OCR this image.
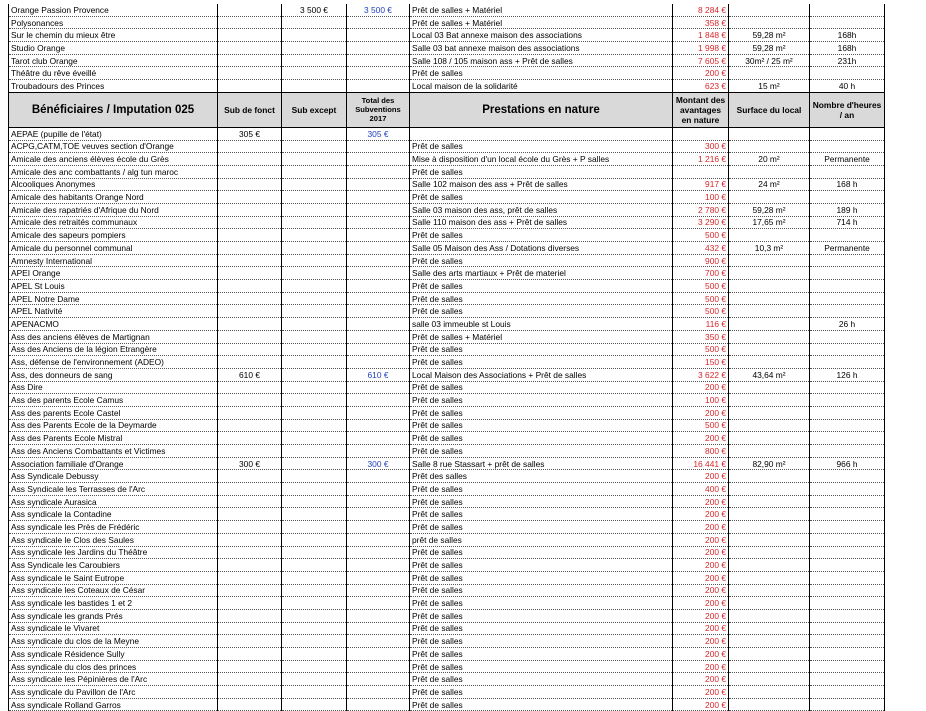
Orange Passion Provence		3 500 €	3 500 €	Prêt de salles + Matériel	8 284 €		
Polysonances				Prêt de salles + Matériel	358 €		
Sur le chemin du mieux être				Local 03 Bat annexe maison des associations	1 848 €	59,28 m²	168h
Studio Orange				Salle 03 bat annexe maison des associations	1 998 €	59,28 m²	168h
Tarot club Orange				Salle 108 / 105 maison ass + Prêt de salles	7 605 €	30m² / 25 m²	231h
Théâtre du rêve éveillé				Prêt de salles	200 €		
Troubadours des Princes				Local maison de la solidarité	623 €	15 m²	40 h
Bénéficiaires / Imputation 025	Sub de fonct	Sub except	Total des Subventions 2017	Prestations en nature	Montant des avantages en nature	Surface du local	Nombre d'heures / an
AEPAE (pupille de l'état)	305 €		305 €				
ACPG,CATM,TOE veuves section d'Orange				Prêt de salles	300 €		
Amicale des anciens élèves école du Grès				Mise à disposition d'un local école du Grès + P salles	1 216 €	20 m²	Permanente
Amicale des anc combattants / alg tun maroc				Prêt de salles			
Alcooliques Anonymes				Salle 102 maison des ass + Prêt de salles	917 €	24 m²	168 h
Amicale des habitants Orange Nord				Prêt de salles	100 €		
Amicale des rapatriés d'Afrique du Nord				Salle 03 maison des ass, prêt de salles	2 780 €	59,28 m²	189 h
Amicale des retraités communaux				Salle 110 maison des ass + Prêt de salles	3 290 €	17,65 m²	714 h
Amicale des sapeurs pompiers				Prêt de salles	500 €		
Amicale du personnel communal				Salle 05 Maison des Ass / Dotations diverses	432 €	10,3 m²	Permanente
Amnesty International				Prêt de salles	900 €		
APEI Orange				Salle des arts martiaux + Prêt de materiel	700 €		
APEL St Louis				Prêt de salles	500 €		
APEL Notre Dame				Prêt de salles	500 €		
APEL Nativité				Prêt de salles	500 €		
APENACMO				salle 03 immeuble st Louis	116 €		26 h
Ass des anciens élèves de Martignan				Prêt de salles + Matériel	350 €		
Ass des Anciens de la légion Etrangère				Prêt de salles	500 €		
Ass, défense de l'environnement (ADEO)				Prêt de salles	150 €		
Ass, des donneurs de sang	610 €		610 €	Local Maison des Associations + Prêt de salles	3 622 €	43,64 m²	126 h
Ass Dire				Prêt de salles	200 €		
Ass des parents Ecole Camus				Prêt de salles	100 €		
Ass des parents Ecole Castel				Prêt de salles	200 €		
Ass des Parents Ecole de la Deymarde				Prêt de salles	500 €		
Ass des Parents Ecole Mistral				Prêt de salles	200 €		
Ass des Anciens Combattants et Victimes				Prêt de salles	800 €		
Association familiale d'Orange	300 €		300 €	Salle 8 rue Stassart + prêt de salles	16 441 €	82,90 m²	966 h
Ass Syndicale Debussy				Prêt des salles	200 €		
Ass Syndicale les Terrasses de l'Arc				Prêt de salles	400 €		
Ass syndicale Aurasica				Prêt de salles	200 €		
Ass syndicale la Contadine				Prêt de salles	200 €		
Ass syndicale les Près de Frédéric				Prêt de salles	200 €		
Ass syndicale le Clos des Saules				prêt de salles	200 €		
Ass syndicale les Jardins du Théâtre				Prêt de salles	200 €		
Ass Syndicale les Caroubiers				Prêt de salles	200 €		
Ass syndicale le Saint Eutrope				Prêt de salles	200 €		
Ass syndicale les Coteaux de César				Prêt de salles	200 €		
Ass syndicale les bastides 1 et 2				Prêt de salles	200 €		
Ass syndicale les grands Prés				Prêt de salles	200 €		
Ass syndicale le Vivaret				Prêt de salles	200 €		
Ass syndicale du clos de la Meyne				Prêt de salles	200 €		
Ass syndicale Résidence Sully				Prêt de salles	200 €		
Ass syndicale du clos des princes				Prêt de salles	200 €		
Ass syndicale les Pépinières de l'Arc				Prêt de salles	200 €		
Ass syndicale du Pavillon de l'Arc				Prêt de salles	200 €		
Ass syndicale Rolland Garros				Prêt de salles	200 €		
